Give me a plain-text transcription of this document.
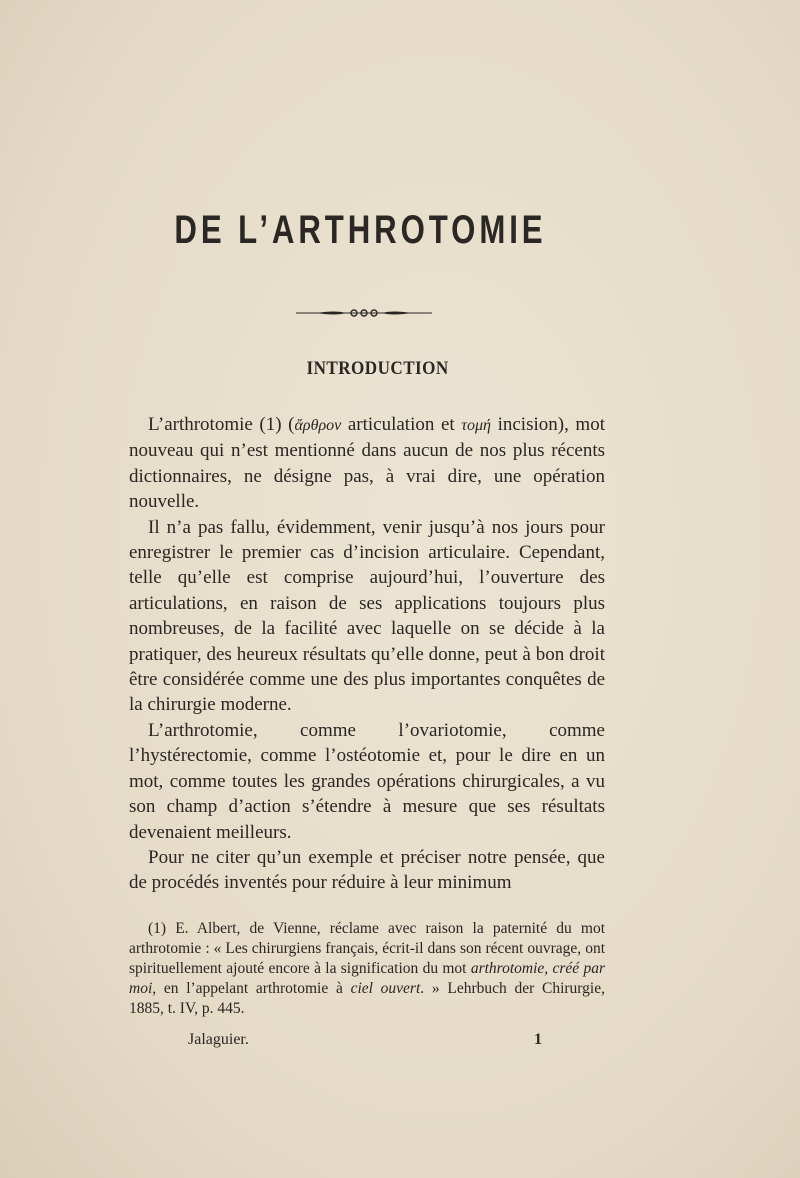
DE L’ARTHROTOMIE
INTRODUCTION

L’arthrotomie (1) (ἄρθρον articulation et τομή incision), mot nouveau qui n’est mentionné dans aucun de nos plus récents dictionnaires, ne désigne pas, à vrai dire, une opération nouvelle.

Il n’a pas fallu, évidemment, venir jusqu’à nos jours pour enregistrer le premier cas d’incision articulaire. Cependant, telle qu’elle est comprise aujourd’hui, l’ouverture des articulations, en raison de ses applications toujours plus nombreuses, de la facilité avec laquelle on se décide à la pratiquer, des heureux résultats qu’elle donne, peut à bon droit être considérée comme une des plus importantes conquêtes de la chirurgie moderne.

L’arthrotomie, comme l’ovariotomie, comme l’hystérectomie, comme l’ostéotomie et, pour le dire en un mot, comme toutes les grandes opérations chirurgicales, a vu son champ d’action s’étendre à mesure que ses résultats devenaient meilleurs.

Pour ne citer qu’un exemple et préciser notre pensée, que de procédés inventés pour réduire à leur minimum

(1) E. Albert, de Vienne, réclame avec raison la paternité du mot arthrotomie : « Les chirurgiens français, écrit-il dans son récent ouvrage, ont spirituellement ajouté encore à la signification du mot arthrotomie, créé par moi, en l’appelant arthrotomie à ciel ouvert. » Lehrbuch der Chirurgie, 1885, t. IV, p. 445.

Jalaguier.	1
